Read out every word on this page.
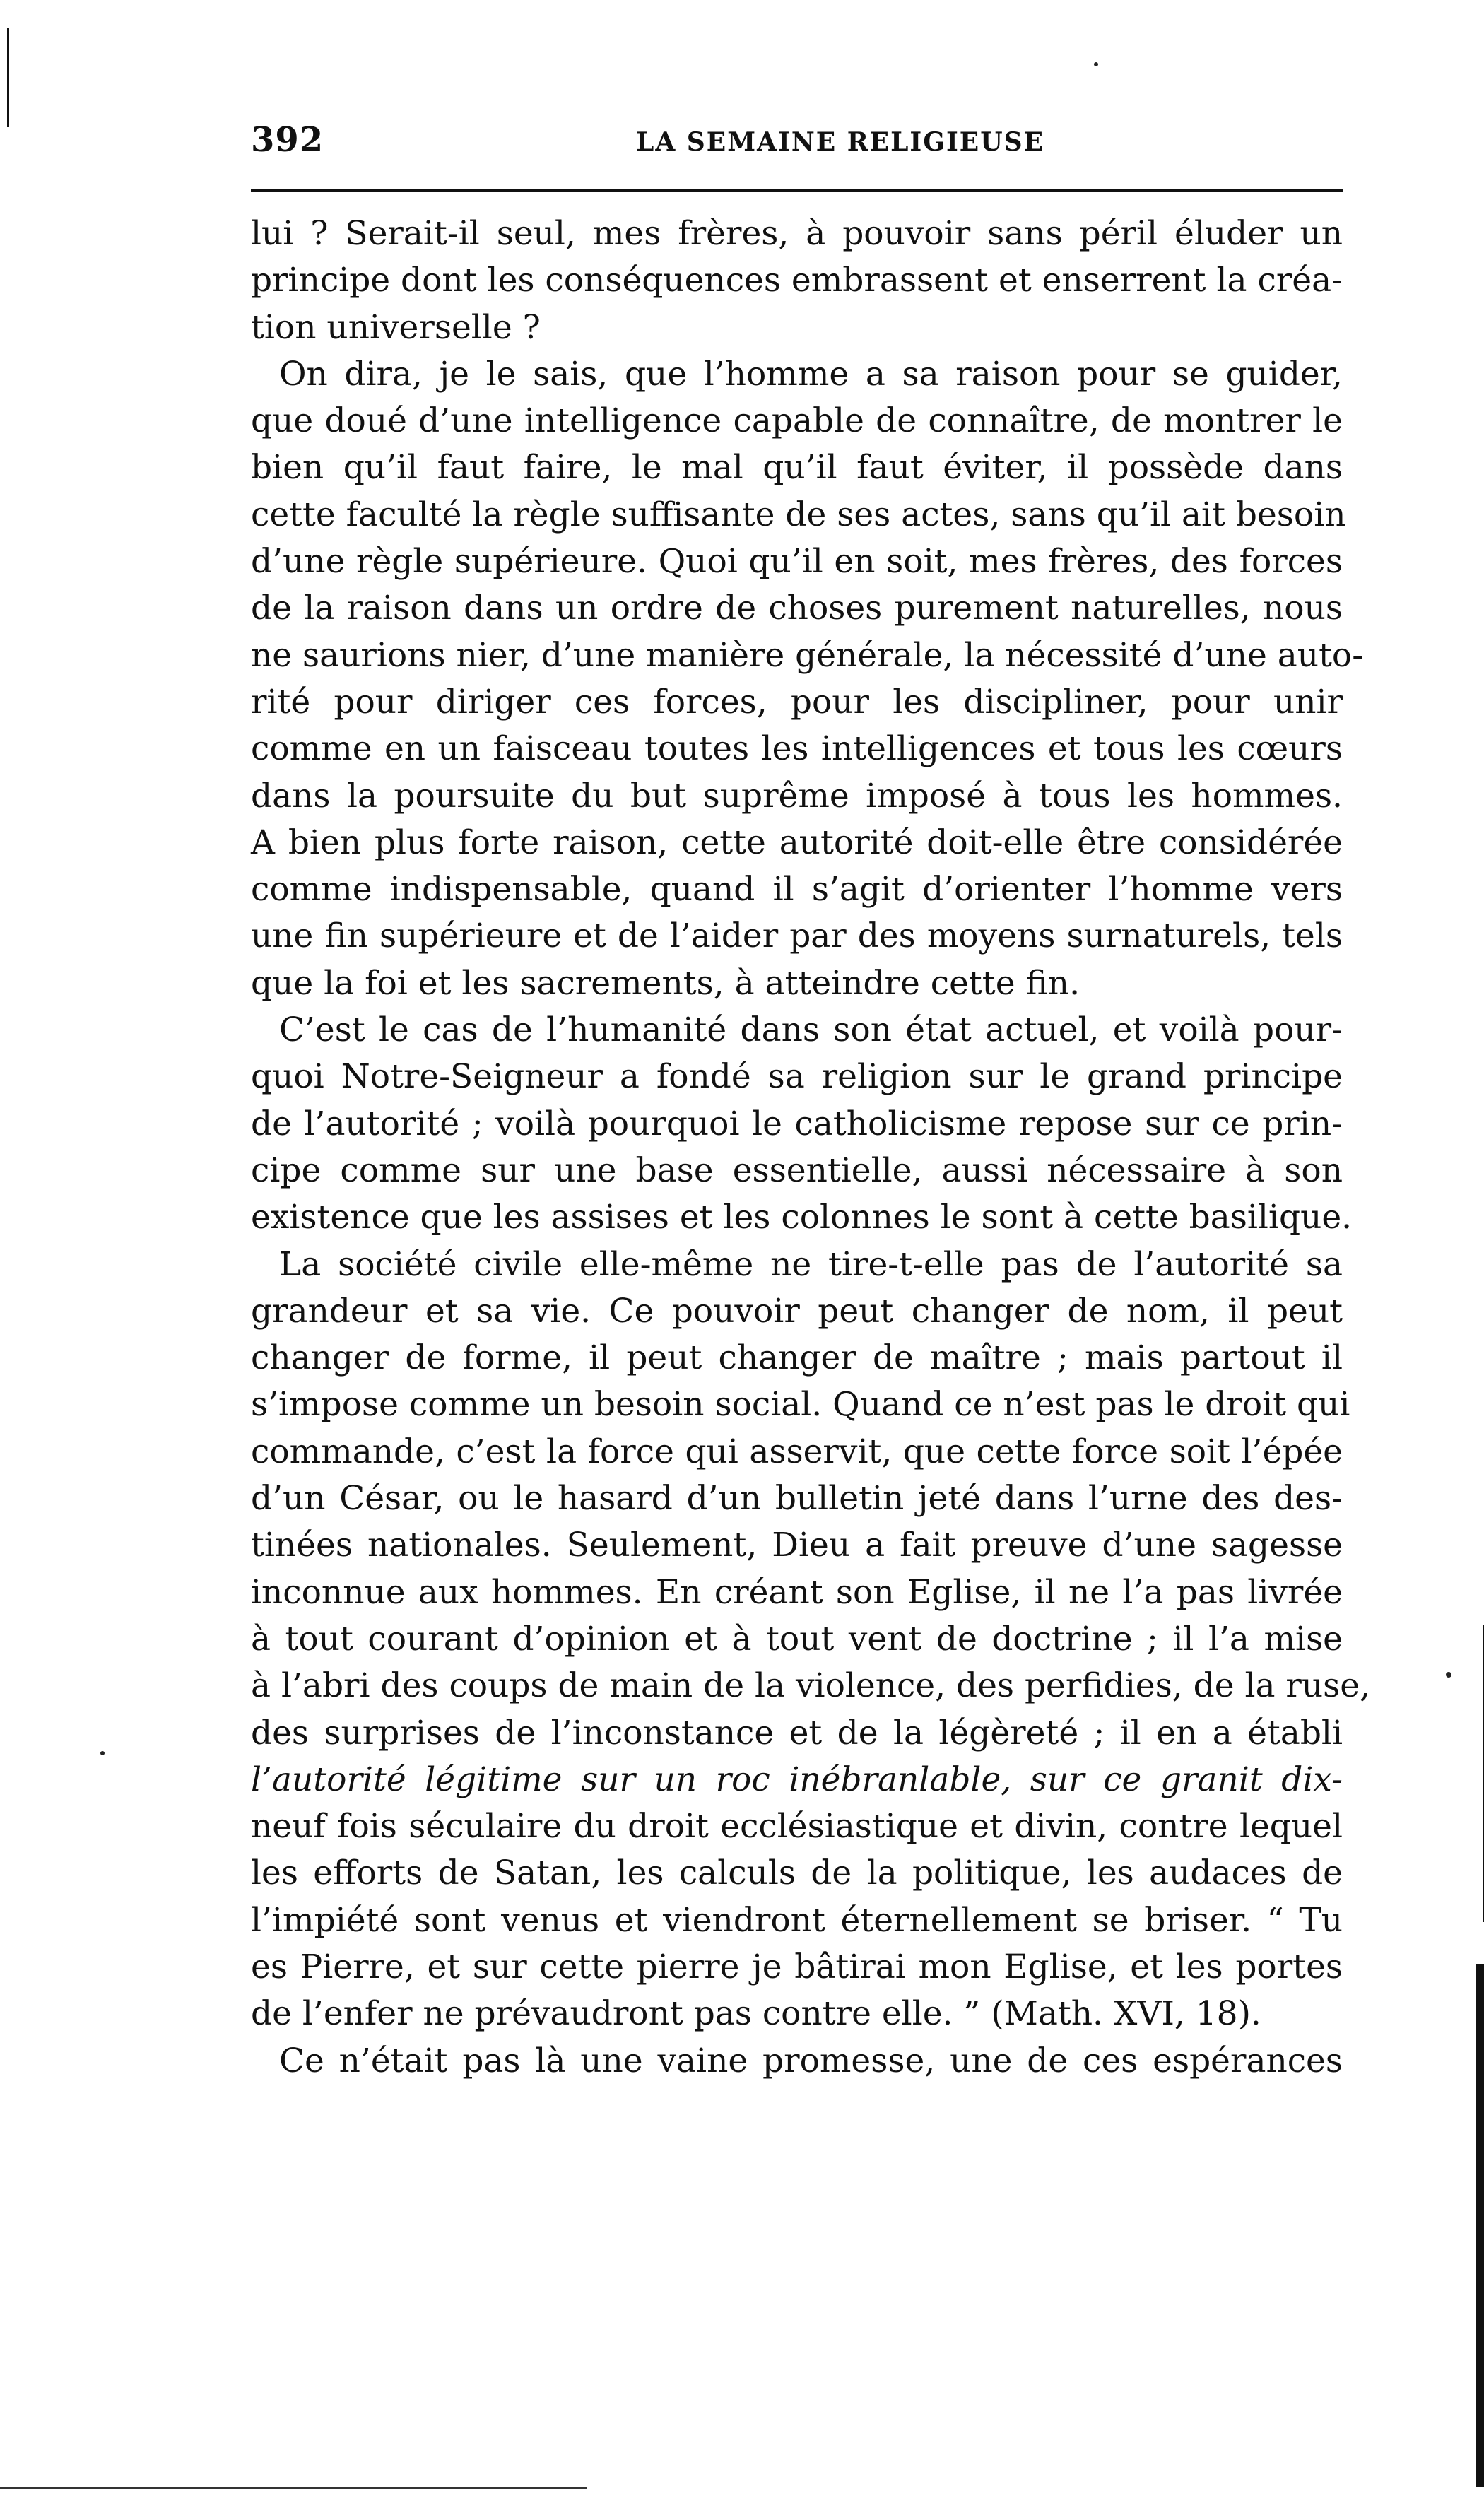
392	LA SEMAINE RELIGIEUSE
lui ? Serait-il seul, mes frères, à pouvoir sans péril éluder un
principe dont les conséquences embrassent et enserrent la créa-
tion universelle ?
On dira, je le sais, que l’homme a sa raison pour se guider,
que doué d’une intelligence capable de connaître, de montrer le
bien qu’il faut faire, le mal qu’il faut éviter, il possède dans
cette faculté la règle suffisante de ses actes, sans qu’il ait besoin
d’une règle supérieure. Quoi qu’il en soit, mes frères, des forces
de la raison dans un ordre de choses purement naturelles, nous
ne saurions nier, d’une manière générale, la nécessité d’une auto-
rité pour diriger ces forces, pour les discipliner, pour unir
comme en un faisceau toutes les intelligences et tous les cœurs
dans la poursuite du but suprême imposé à tous les hommes.
A bien plus forte raison, cette autorité doit-elle être considérée
comme indispensable, quand il s’agit d’orienter l’homme vers
une fin supérieure et de l’aider par des moyens surnaturels, tels
que la foi et les sacrements, à atteindre cette fin.
C’est le cas de l’humanité dans son état actuel, et voilà pour-
quoi Notre-Seigneur a fondé sa religion sur le grand principe
de l’autorité ; voilà pourquoi le catholicisme repose sur ce prin-
cipe comme sur une base essentielle, aussi nécessaire à son
existence que les assises et les colonnes le sont à cette basilique.
La société civile elle-même ne tire-t-elle pas de l’autorité sa
grandeur et sa vie. Ce pouvoir peut changer de nom, il peut
changer de forme, il peut changer de maître ; mais partout il
s’impose comme un besoin social. Quand ce n’est pas le droit qui
commande, c’est la force qui asservit, que cette force soit l’épée
d’un César, ou le hasard d’un bulletin jeté dans l’urne des des-
tinées nationales. Seulement, Dieu a fait preuve d’une sagesse
inconnue aux hommes. En créant son Eglise, il ne l’a pas livrée
à tout courant d’opinion et à tout vent de doctrine ; il l’a mise
à l’abri des coups de main de la violence, des perfidies, de la ruse,
des surprises de l’inconstance et de la légèreté ; il en a établi
l’autorité légitime sur un roc inébranlable, sur ce granit dix-
neuf fois séculaire du droit ecclésiastique et divin, contre lequel
les efforts de Satan, les calculs de la politique, les audaces de
l’impiété sont venus et viendront éternellement se briser. “ Tu
es Pierre, et sur cette pierre je bâtirai mon Eglise, et les portes
de l’enfer ne prévaudront pas contre elle. ” (Math. XVI, 18).
Ce n’était pas là une vaine promesse, une de ces espérances
